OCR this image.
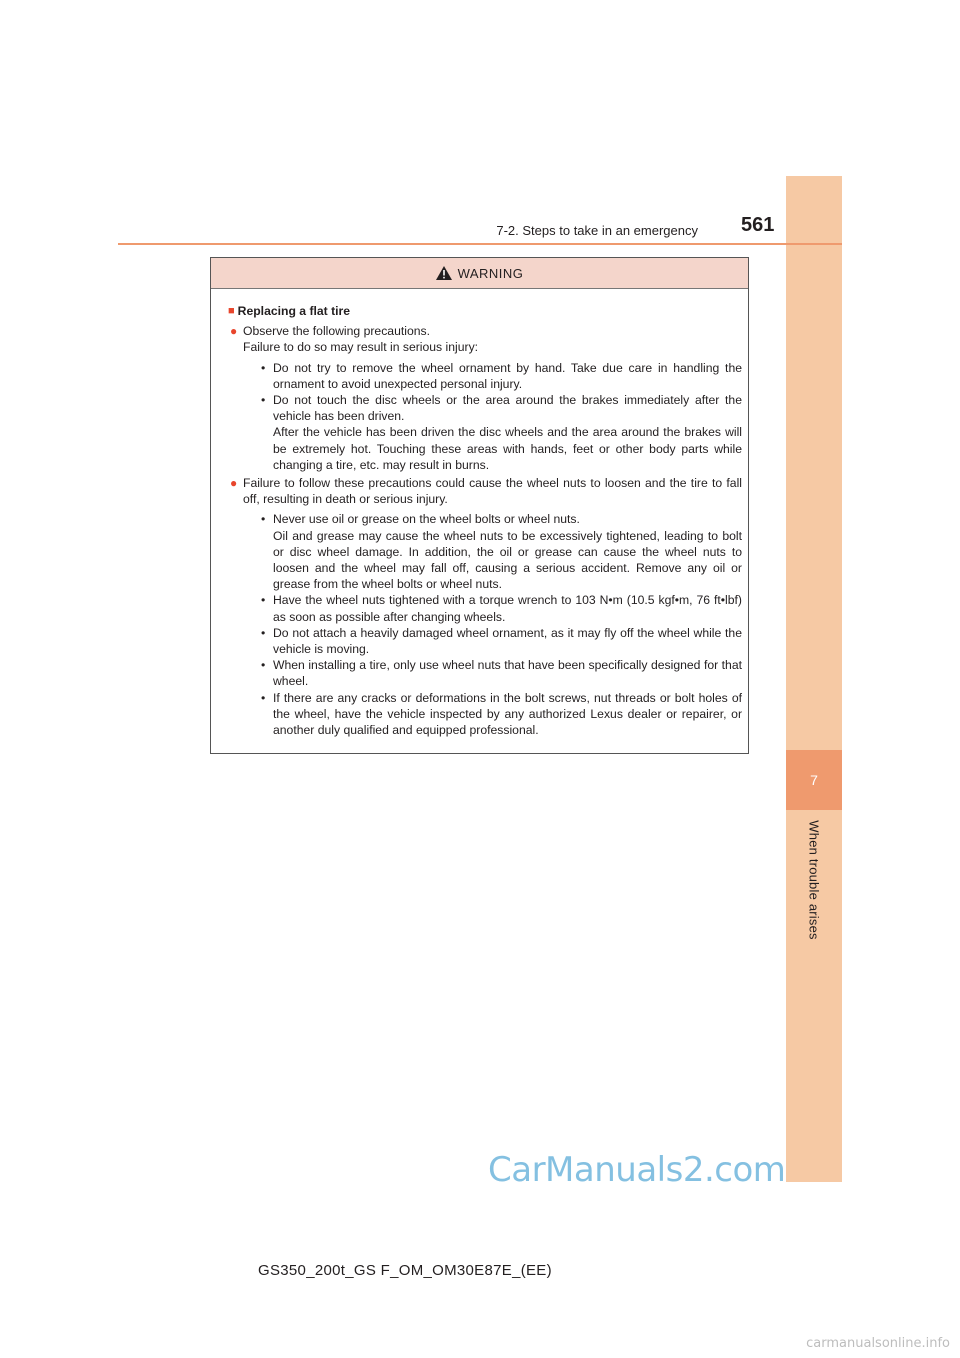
7
When trouble arises
7-2. Steps to take in an emergency 561
WARNING
■ Replacing a flat tire
● Observe the following precautions.
Failure to do so may result in serious injury:
• Do not try to remove the wheel ornament by hand. Take due care in handling the ornament to avoid unexpected personal injury.
• Do not touch the disc wheels or the area around the brakes immediately after the vehicle has been driven.
After the vehicle has been driven the disc wheels and the area around the brakes will be extremely hot. Touching these areas with hands, feet or other body parts while changing a tire, etc. may result in burns.
● Failure to follow these precautions could cause the wheel nuts to loosen and the tire to fall off, resulting in death or serious injury.
• Never use oil or grease on the wheel bolts or wheel nuts.
Oil and grease may cause the wheel nuts to be excessively tightened, leading to bolt or disc wheel damage. In addition, the oil or grease can cause the wheel nuts to loosen and the wheel may fall off, causing a serious accident. Remove any oil or grease from the wheel bolts or wheel nuts.
• Have the wheel nuts tightened with a torque wrench to 103 N•m (10.5 kgf•m, 76 ft•lbf) as soon as possible after changing wheels.
• Do not attach a heavily damaged wheel ornament, as it may fly off the wheel while the vehicle is moving.
• When installing a tire, only use wheel nuts that have been specifically designed for that wheel.
• If there are any cracks or deformations in the bolt screws, nut threads or bolt holes of the wheel, have the vehicle inspected by any authorized Lexus dealer or repairer, or another duly qualified and equipped professional.
CarManuals2.com
GS350_200t_GS F_OM_OM30E87E_(EE)
carmanualsonline.info
